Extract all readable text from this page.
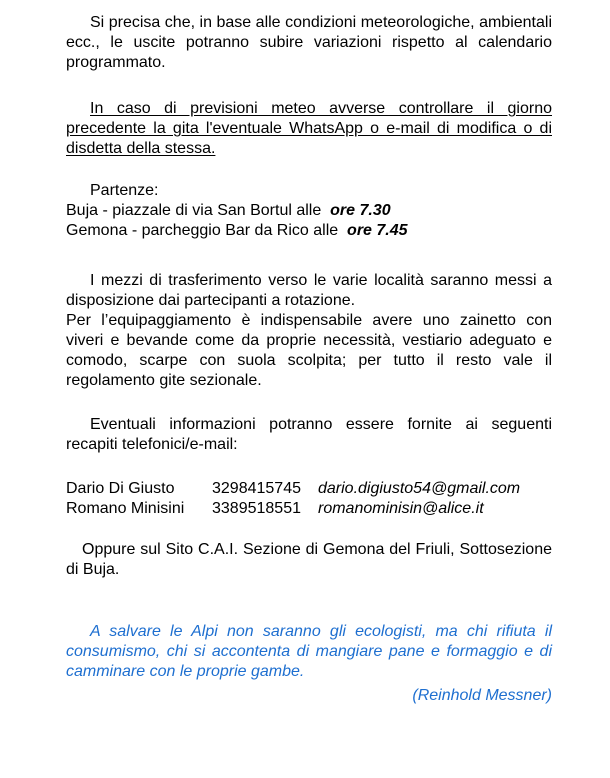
Si precisa che, in base alle condizioni meteorologiche, ambientali ecc., le uscite potranno subire variazioni rispetto al calendario programmato.

In caso di previsioni meteo avverse controllare il giorno precedente la gita l'eventuale WhatsApp o e-mail di modifica o di disdetta della stessa.

Partenze:
Buja - piazzale di via San Bortul alle ore 7.30
Gemona - parcheggio Bar da Rico alle ore 7.45

I mezzi di trasferimento verso le varie località saranno messi a disposizione dai partecipanti a rotazione.

Per l’equipaggiamento è indispensabile avere uno zainetto con viveri e bevande come da proprie necessità, vestiario adeguato e comodo, scarpe con suola scolpita; per tutto il resto vale il regolamento gite sezionale.

Eventuali informazioni potranno essere fornite ai seguenti recapiti telefonici/e-mail:

Dario Di Giusto	3298415745	dario.digiusto54@gmail.com
Romano Minisini	3389518551	romanominisin@alice.it

Oppure sul Sito C.A.I. Sezione di Gemona del Friuli, Sottosezione di Buja.

A salvare le Alpi non saranno gli ecologisti, ma chi rifiuta il consumismo, chi si accontenta di mangiare pane e formaggio e di camminare con le proprie gambe.

(Reinhold Messner)
